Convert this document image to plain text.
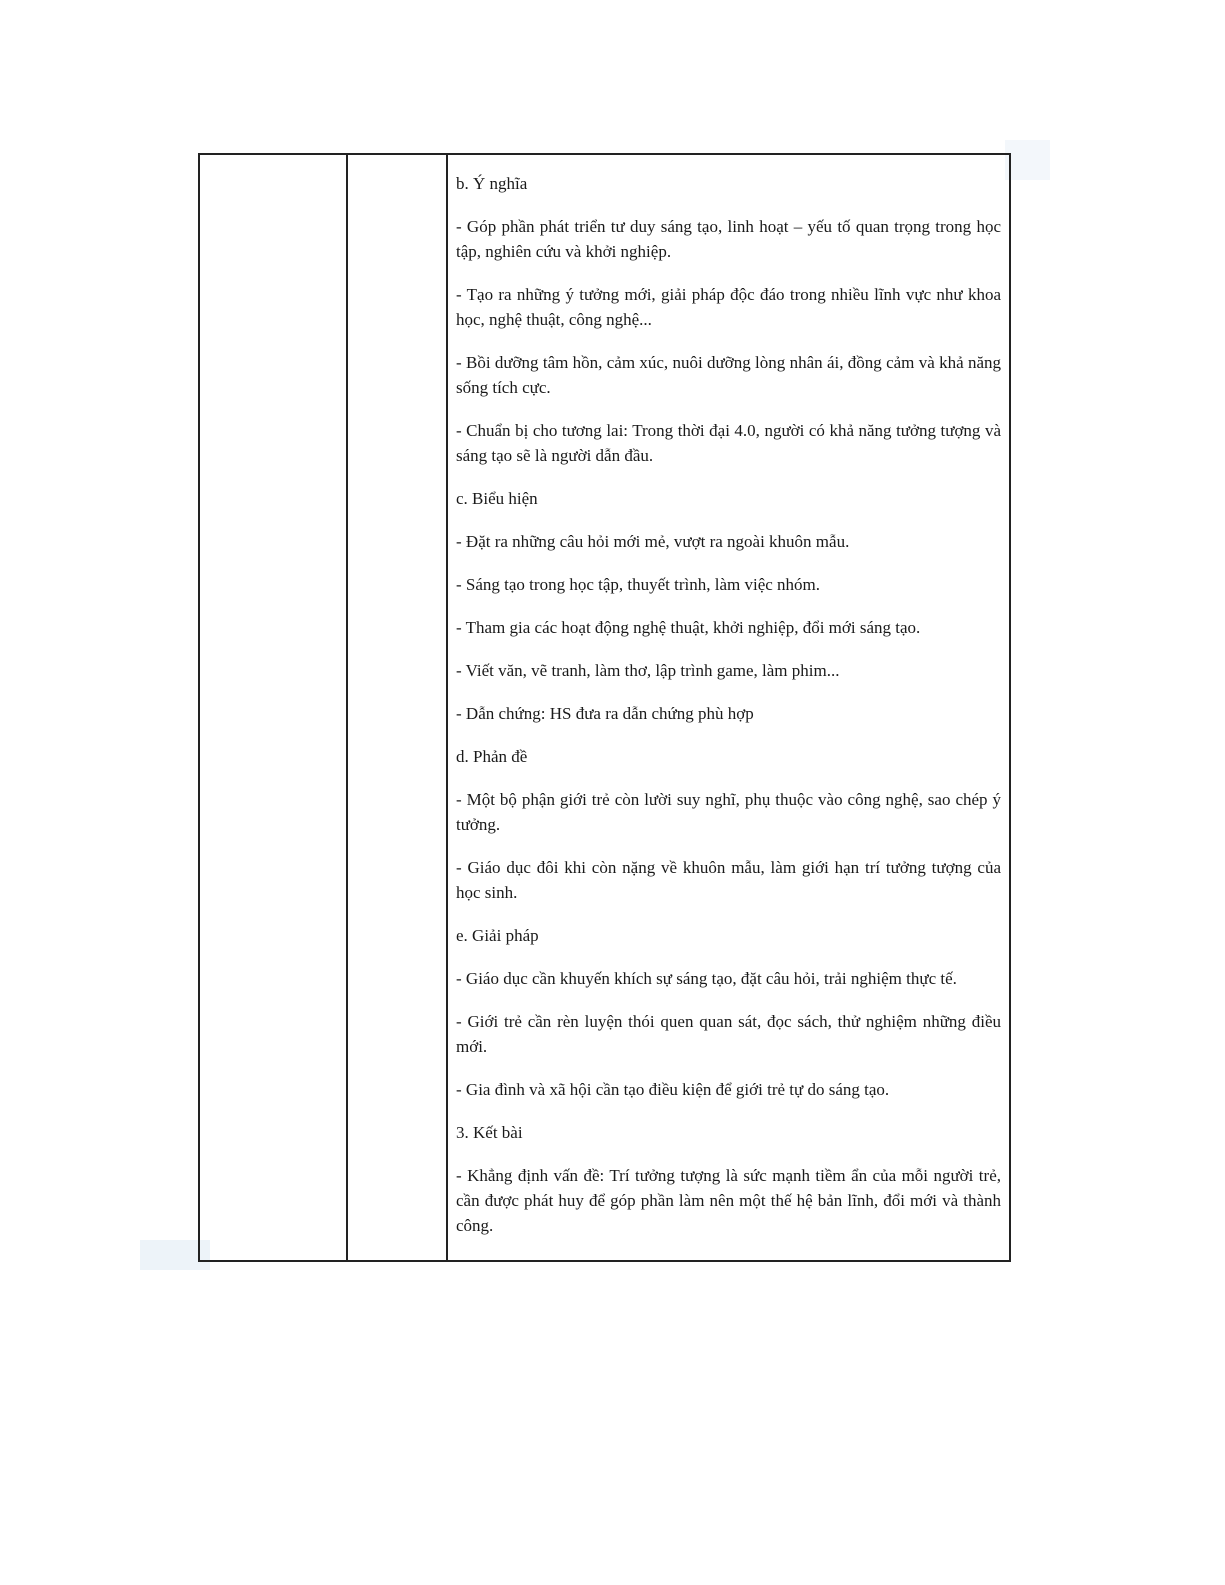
b. Ý nghĩa

- Góp phần phát triển tư duy sáng tạo, linh hoạt – yếu tố quan trọng trong học tập, nghiên cứu và khởi nghiệp.

- Tạo ra những ý tưởng mới, giải pháp độc đáo trong nhiều lĩnh vực như khoa học, nghệ thuật, công nghệ...

- Bồi dưỡng tâm hồn, cảm xúc, nuôi dưỡng lòng nhân ái, đồng cảm và khả năng sống tích cực.

- Chuẩn bị cho tương lai: Trong thời đại 4.0, người có khả năng tưởng tượng và sáng tạo sẽ là người dẫn đầu.

c. Biểu hiện

- Đặt ra những câu hỏi mới mẻ, vượt ra ngoài khuôn mẫu.

- Sáng tạo trong học tập, thuyết trình, làm việc nhóm.

- Tham gia các hoạt động nghệ thuật, khởi nghiệp, đổi mới sáng tạo.

- Viết văn, vẽ tranh, làm thơ, lập trình game, làm phim...

- Dẫn chứng: HS đưa ra dẫn chứng phù hợp

d. Phản đề

- Một bộ phận giới trẻ còn lười suy nghĩ, phụ thuộc vào công nghệ, sao chép ý tưởng.

- Giáo dục đôi khi còn nặng về khuôn mẫu, làm giới hạn trí tưởng tượng của học sinh.

e. Giải pháp

- Giáo dục cần khuyến khích sự sáng tạo, đặt câu hỏi, trải nghiệm thực tế.

- Giới trẻ cần rèn luyện thói quen quan sát, đọc sách, thử nghiệm những điều mới.

- Gia đình và xã hội cần tạo điều kiện để giới trẻ tự do sáng tạo.

3. Kết bài

- Khẳng định vấn đề: Trí tưởng tượng là sức mạnh tiềm ẩn của mỗi người trẻ, cần được phát huy để góp phần làm nên một thế hệ bản lĩnh, đổi mới và thành công.
